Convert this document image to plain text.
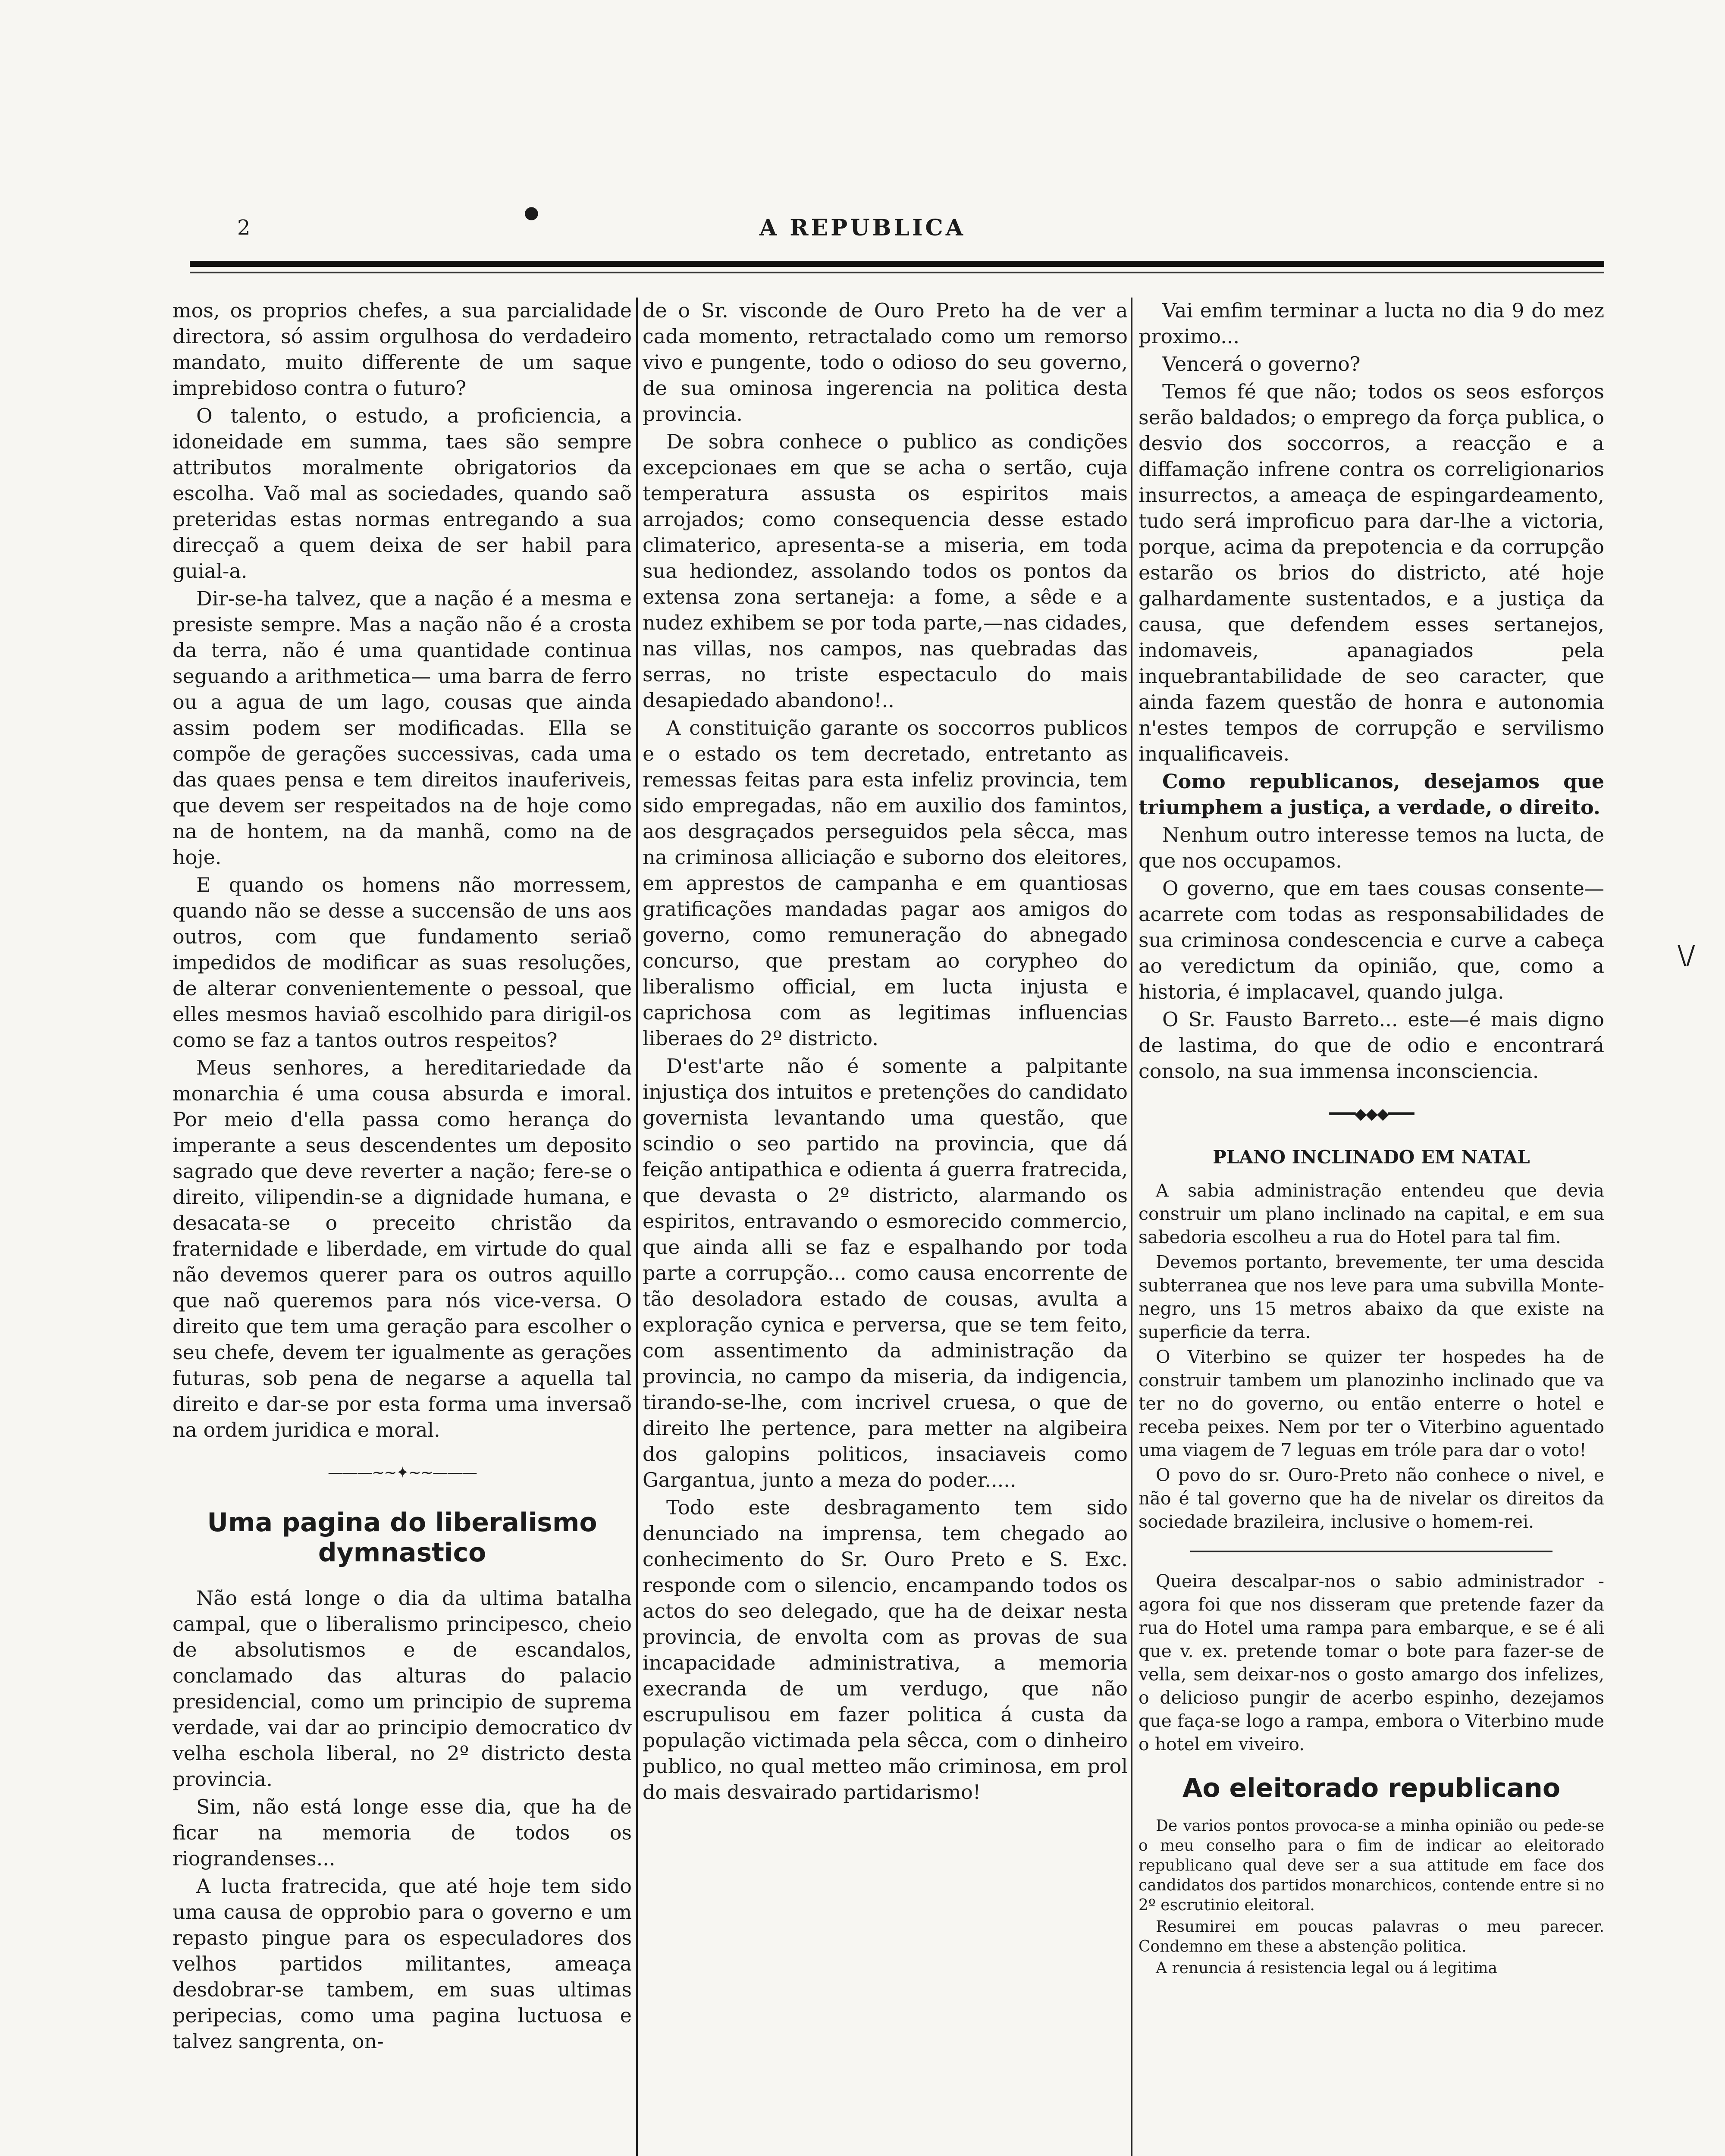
2
●
A REPUBLICA

mos, os proprios chefes, a sua parcialidade directora, só assim orgulhosa do verdadeiro mandato, muito differente de um saque imprebidoso contra o futuro?

O talento, o estudo, a proficiencia, a idoneidade em summa, taes são sempre attributos moralmente obrigatorios da escolha. Vaõ mal as sociedades, quando saõ preteridas estas normas entregando a sua direcçaõ a quem deixa de ser habil para guial-a.

Dir-se-ha talvez, que a nação é a mesma e presiste sempre. Mas a nação não é a crosta da terra, não é uma quantidade continua seguando a arithmetica— uma barra de ferro ou a agua de um lago, cousas que ainda assim podem ser modificadas. Ella se compõe de gerações successivas, cada uma das quaes pensa e tem direitos inauferiveis, que devem ser respeitados na de hoje como na de hontem, na da manhã, como na de hoje.

E quando os homens não morressem, quando não se desse a succensão de uns aos outros, com que fundamento seriaõ impedidos de modificar as suas resoluções, de alterar convenientemente o pessoal, que elles mesmos haviaõ escolhido para dirigil-os como se faz a tantos outros respeitos?

Meus senhores, a hereditariedade da monarchia é uma cousa absurda e imoral. Por meio d'ella passa como herança do imperante a seus descendentes um deposito sagrado que deve reverter a nação; fere-se o direito, vilipendin-se a dignidade humana, e desacata-se o preceito christão da fraternidade e liberdade, em virtude do qual não devemos querer para os outros aquillo que naõ queremos para nós vice-versa. O direito que tem uma geração para escolher o seu chefe, devem ter igualmente as gerações futuras, sob pena de negarse a aquella tal direito e dar-se por esta forma uma inversaõ na ordem juridica e moral.

———~~✦~~———
Uma pagina do liberalismo dymnastico

Não está longe o dia da ultima batalha campal, que o liberalismo principesco, cheio de absolutismos e de escandalos, conclamado das alturas do palacio presidencial, como um principio de suprema verdade, vai dar ao principio democratico dv velha eschola liberal, no 2º districto desta provincia.

Sim, não está longe esse dia, que ha de ficar na memoria de todos os riograndenses...

A lucta fratrecida, que até hoje tem sido uma causa de opprobio para o governo e um repasto pingue para os especuladores dos velhos partidos militantes, ameaça desdobrar-se tambem, em suas ultimas peripecias, como uma pagina luctuosa e talvez sangrenta, on-

de o Sr. visconde de Ouro Preto ha de ver a cada momento, retractalado como um remorso vivo e pungente, todo o odioso do seu governo, de sua ominosa ingerencia na politica desta provincia.

De sobra conhece o publico as condições excepcionaes em que se acha o sertão, cuja temperatura assusta os espiritos mais arrojados; como consequencia desse estado climaterico, apresenta-se a miseria, em toda sua hediondez, assolando todos os pontos da extensa zona sertaneja: a fome, a sêde e a nudez exhibem se por toda parte,—nas cidades, nas villas, nos campos, nas quebradas das serras, no triste espectaculo do mais desapiedado abandono!..

A constituição garante os soccorros publicos e o estado os tem decretado, entretanto as remessas feitas para esta infeliz provincia, tem sido empregadas, não em auxilio dos famintos, aos desgraçados perseguidos pela sêcca, mas na criminosa alliciação e suborno dos eleitores, em apprestos de campanha e em quantiosas gratificações mandadas pagar aos amigos do governo, como remuneração do abnegado concurso, que prestam ao corypheo do liberalismo official, em lucta injusta e caprichosa com as legitimas influencias liberaes do 2º districto.

D'est'arte não é somente a palpitante injustiça dos intuitos e pretenções do candidato governista levantando uma questão, que scindio o seo partido na provincia, que dá feição antipathica e odienta á guerra fratrecida, que devasta o 2º districto, alarmando os espiritos, entravando o esmorecido commercio, que ainda alli se faz e espalhando por toda parte a corrupção... como causa encorrente de tão desoladora estado de cousas, avulta a exploração cynica e perversa, que se tem feito, com assentimento da administração da provincia, no campo da miseria, da indigencia, tirando-se-lhe, com incrivel cruesa, o que de direito lhe pertence, para metter na algibeira dos galopins politicos, insaciaveis como Gargantua, junto a meza do poder.....

Todo este desbragamento tem sido denunciado na imprensa, tem chegado ao conhecimento do Sr. Ouro Preto e S. Exc. responde com o silencio, encampando todos os actos do seo delegado, que ha de deixar nesta provincia, de envolta com as provas de sua incapacidade administrativa, a memoria execranda de um verdugo, que não escrupulisou em fazer politica á custa da população victimada pela sêcca, com o dinheiro publico, no qual metteo mão criminosa, em prol do mais desvairado partidarismo!

Vai emfim terminar a lucta no dia 9 do mez proximo...

Vencerá o governo?

Temos fé que não; todos os seos esforços serão baldados; o emprego da força publica, o desvio dos soccorros, a reacção e a diffamação infrene contra os correligionarios insurrectos, a ameaça de espingardeamento, tudo será improficuo para dar-lhe a victoria, porque, acima da prepotencia e da corrupção estarão os brios do districto, até hoje galhardamente sustentados, e a justiça da causa, que defendem esses sertanejos, indomaveis, apanagiados pela inquebrantabilidade de seo caracter, que ainda fazem questão de honra e autonomia n'estes tempos de corrupção e servilismo inqualificaveis.

Como republicanos, desejamos que triumphem a justiça, a verdade, o direito.

Nenhum outro interesse temos na lucta, de que nos occupamos.

O governo, que em taes cousas consente—acarrete com todas as responsabilidades de sua criminosa condescencia e curve a cabeça ao veredictum da opinião, que, como a historia, é implacavel, quando julga.

O Sr. Fausto Barreto... este—é mais digno de lastima, do que de odio e encontrará consolo, na sua immensa inconsciencia.

━━━◆◆◆━━━
PLANO INCLINADO EM NATAL

A sabia administração entendeu que devia construir um plano inclinado na capital, e em sua sabedoria escolheu a rua do Hotel para tal fim.

Devemos portanto, brevemente, ter uma descida subterranea que nos leve para uma subvilla Monte-negro, uns 15 metros abaixo da que existe na superficie da terra.

O Viterbino se quizer ter hospedes ha de construir tambem um planozinho inclinado que va ter no do governo, ou então enterre o hotel e receba peixes. Nem por ter o Viterbino aguentado uma viagem de 7 leguas em tróle para dar o voto!

O povo do sr. Ouro-Preto não conhece o nivel, e não é tal governo que ha de nivelar os direitos da sociedade brazileira, inclusive o homem-rei.

Queira descalpar-nos o sabio administrador - agora foi que nos disseram que pretende fazer da rua do Hotel uma rampa para embarque, e se é ali que v. ex. pretende tomar o bote para fazer-se de vella, sem deixar-nos o gosto amargo dos infelizes, o delicioso pungir de acerbo espinho, dezejamos que faça-se logo a rampa, embora o Viterbino mude o hotel em viveiro.

Ao eleitorado republicano

De varios pontos provoca-se a minha opinião ou pede-se o meu conselho para o fim de indicar ao eleitorado republicano qual deve ser a sua attitude em face dos candidatos dos partidos monarchicos, contende entre si no 2º escrutinio eleitoral.

Resumirei em poucas palavras o meu parecer. Condemno em these a abstenção politica.

A renuncia á resistencia legal ou á legitima

\/
